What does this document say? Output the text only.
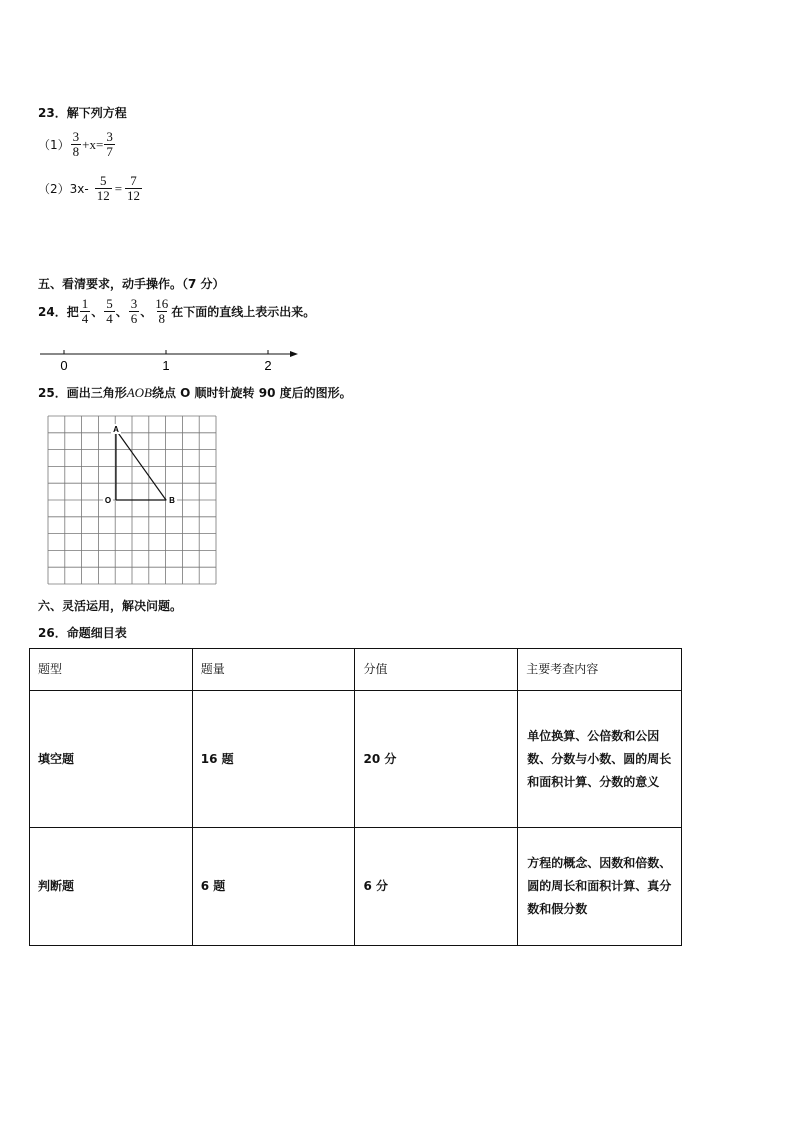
23．解下列方程
$(1) \frac{3}{8} +x= \frac{3}{7}$
$(2)3x- \frac{5}{12} = \frac{7}{12}$
五、看清要求，动手操作。（7 分）
24．把 $\frac{1}{4}$ 、 $\frac{5}{4}$ 、 $\frac{3}{6}$ 、 $\frac{16}{8}$ 在下面的直线上表示出来。
0	1	2
25．画出三角形 AOB 绕点 O 顺时针旋转 90 度后的图形。
A
O	B
六、灵活运用，解决问题。
26．命题细目表
题型	题量	分值	主要考查内容
填空题	16 题	20 分	单位换算、公倍数和公因数、分数与小数、圆的周长和面积计算、分数的意义
判断题	6 题	6 分	方程的概念、因数和倍数、圆的周长和面积计算、真分数和假分数
